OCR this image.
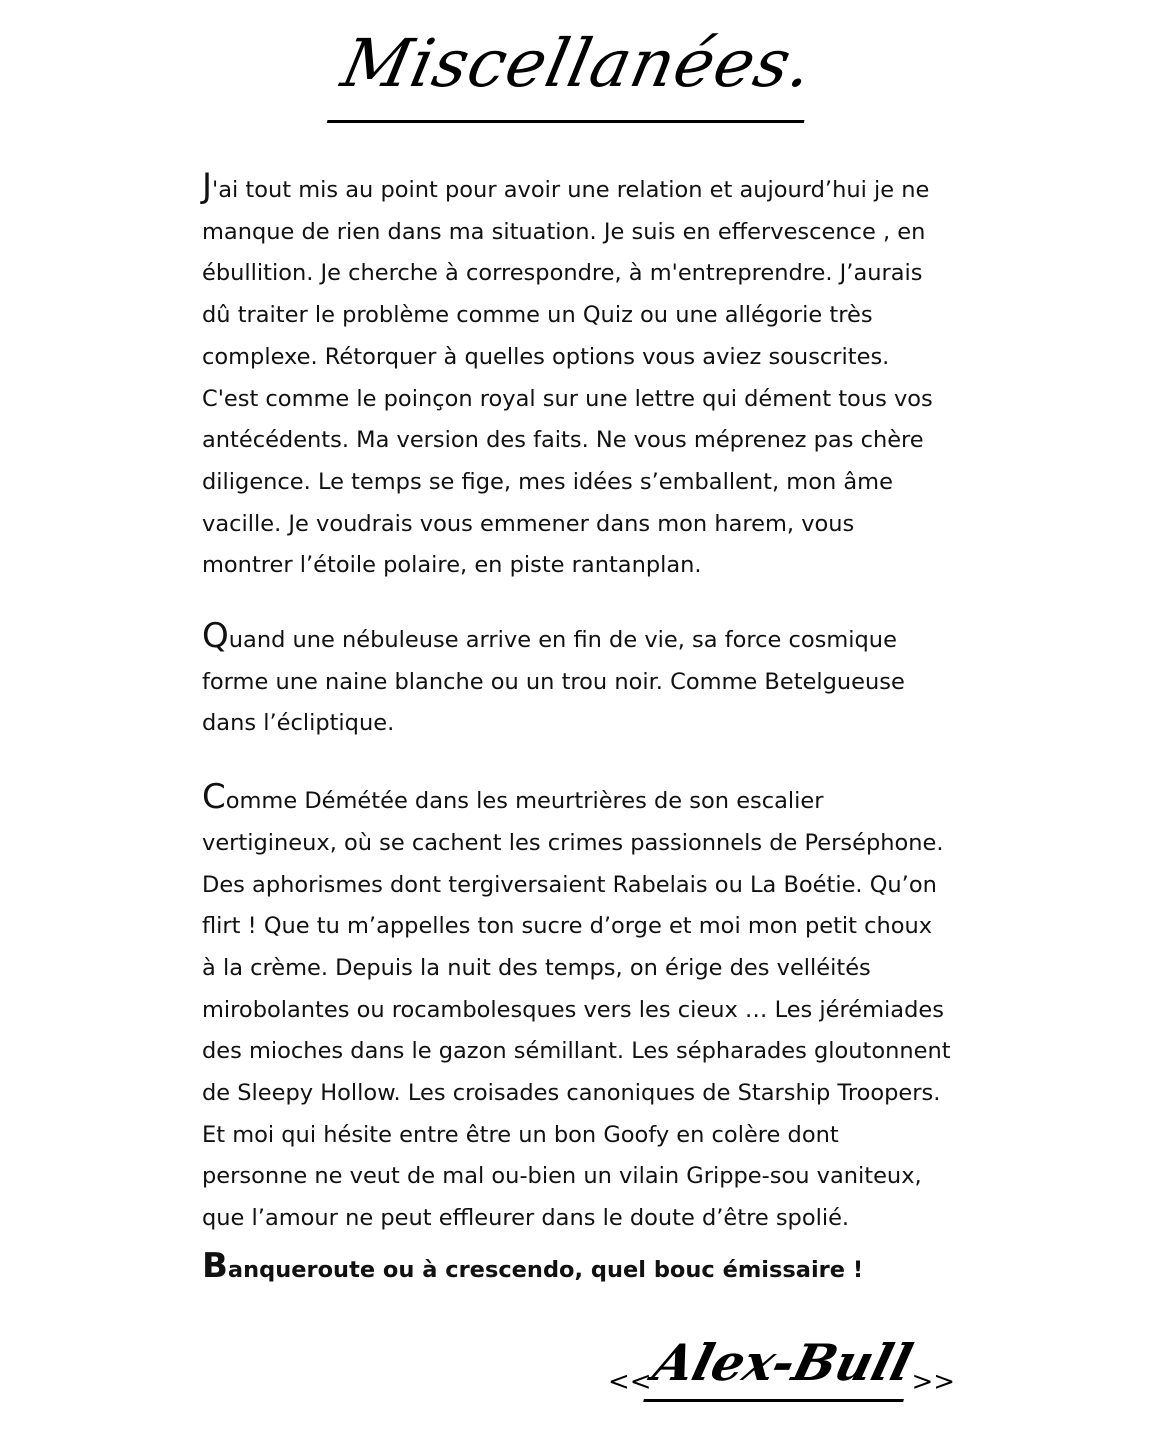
Miscellanées.

J'ai tout mis au point pour avoir une relation et aujourd’hui je ne
manque de rien dans ma situation. Je suis en effervescence , en
ébullition. Je cherche à correspondre, à m'entreprendre. J’aurais
dû traiter le problème comme un Quiz ou une allégorie très
complexe. Rétorquer à quelles options vous aviez souscrites.
C'est comme le poinçon royal sur une lettre qui dément tous vos
antécédents. Ma version des faits. Ne vous méprenez pas chère
diligence. Le temps se fige, mes idées s’emballent, mon âme
vacille. Je voudrais vous emmener dans mon harem, vous
montrer l’étoile polaire, en piste rantanplan.

Quand une nébuleuse arrive en fin de vie, sa force cosmique
forme une naine blanche ou un trou noir. Comme Betelgueuse
dans l’écliptique.

Comme Démétée dans les meurtrières de son escalier
vertigineux, où se cachent les crimes passionnels de Perséphone.
Des aphorismes dont tergiversaient Rabelais ou La Boétie. Qu’on
flirt ! Que tu m’appelles ton sucre d’orge et moi mon petit choux
à la crème. Depuis la nuit des temps, on érige des velléités
mirobolantes ou rocambolesques vers les cieux … Les jérémiades
des mioches dans le gazon sémillant. Les sépharades gloutonnent
de Sleepy Hollow. Les croisades canoniques de Starship Troopers.
Et moi qui hésite entre être un bon Goofy en colère dont
personne ne veut de mal ou-bien un vilain Grippe-sou vaniteux,
que l’amour ne peut effleurer dans le doute d’être spolié.

Banqueroute ou à crescendo, quel bouc émissaire !

<<
Alex-Bull
>>
